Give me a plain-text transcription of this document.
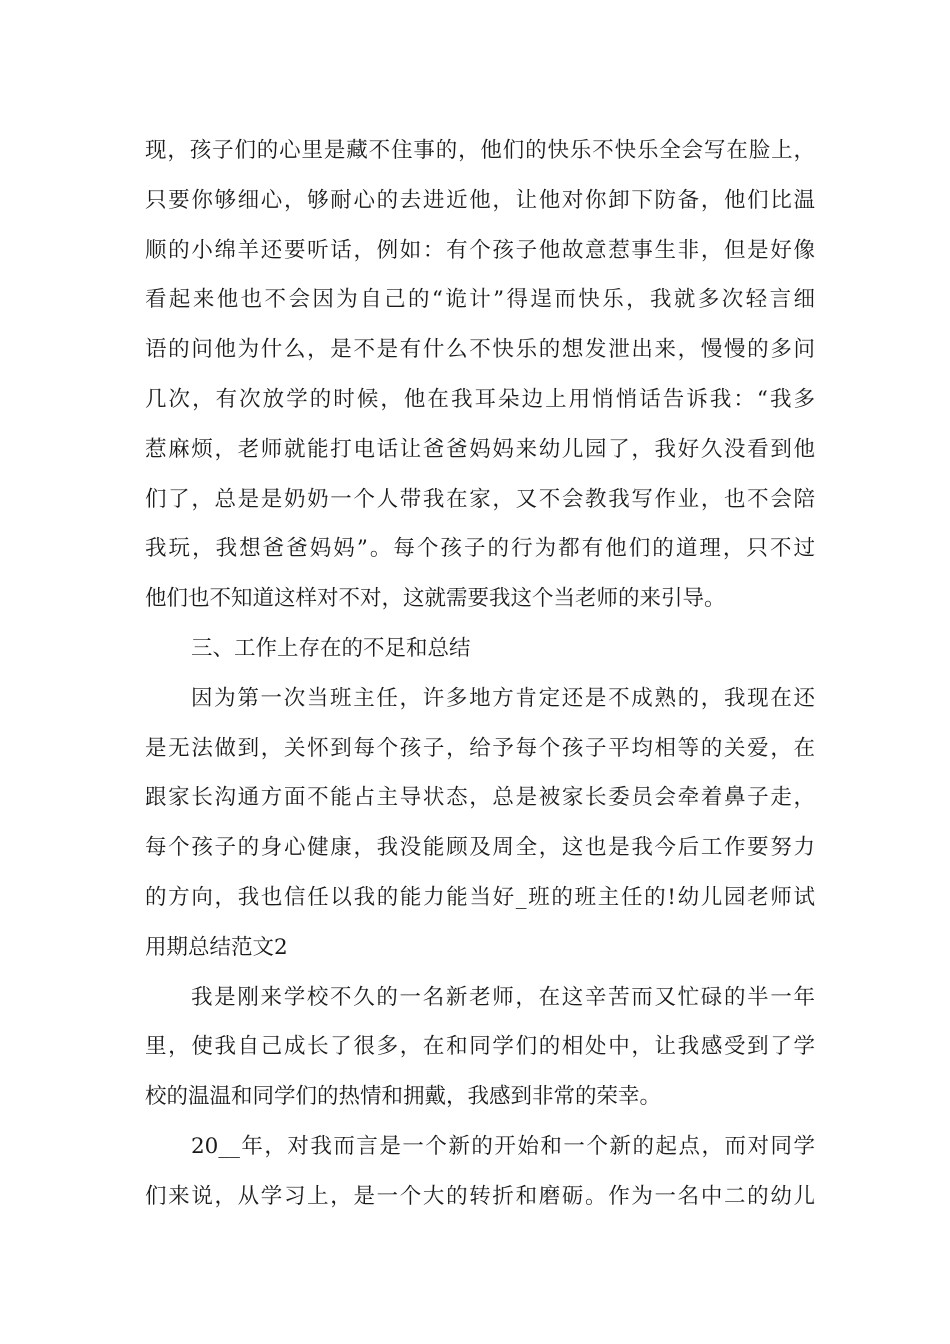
现，孩子们的心里是藏不住事的，他们的快乐不快乐全会写在脸上，
只要你够细心，够耐心的去进近他，让他对你卸下防备，他们比温
顺的小绵羊还要听话，例如：有个孩子他故意惹事生非，但是好像
看起来他也不会因为自己的“诡计”得逞而快乐，我就多次轻言细
语的问他为什么，是不是有什么不快乐的想发泄出来，慢慢的多问
几次，有次放学的时候，他在我耳朵边上用悄悄话告诉我：“我多
惹麻烦，老师就能打电话让爸爸妈妈来幼儿园了，我好久没看到他
们了，总是是奶奶一个人带我在家，又不会教我写作业，也不会陪
我玩，我想爸爸妈妈”。每个孩子的行为都有他们的道理，只不过
他们也不知道这样对不对，这就需要我这个当老师的来引导。
三、工作上存在的不足和总结
因为第一次当班主任，许多地方肯定还是不成熟的，我现在还
是无法做到，关怀到每个孩子，给予每个孩子平均相等的关爱，在
跟家长沟通方面不能占主导状态，总是被家长委员会牵着鼻子走，
每个孩子的身心健康，我没能顾及周全，这也是我今后工作要努力
的方向，我也信任以我的能力能当好_班的班主任的!幼儿园老师试
用期总结范文2
我是刚来学校不久的一名新老师，在这辛苦而又忙碌的半一年
里，使我自己成长了很多，在和同学们的相处中，让我感受到了学
校的温温和同学们的热情和拥戴，我感到非常的荣幸。
20__年，对我而言是一个新的开始和一个新的起点，而对同学
们来说，从学习上，是一个大的转折和磨砺。作为一名中二的幼儿
